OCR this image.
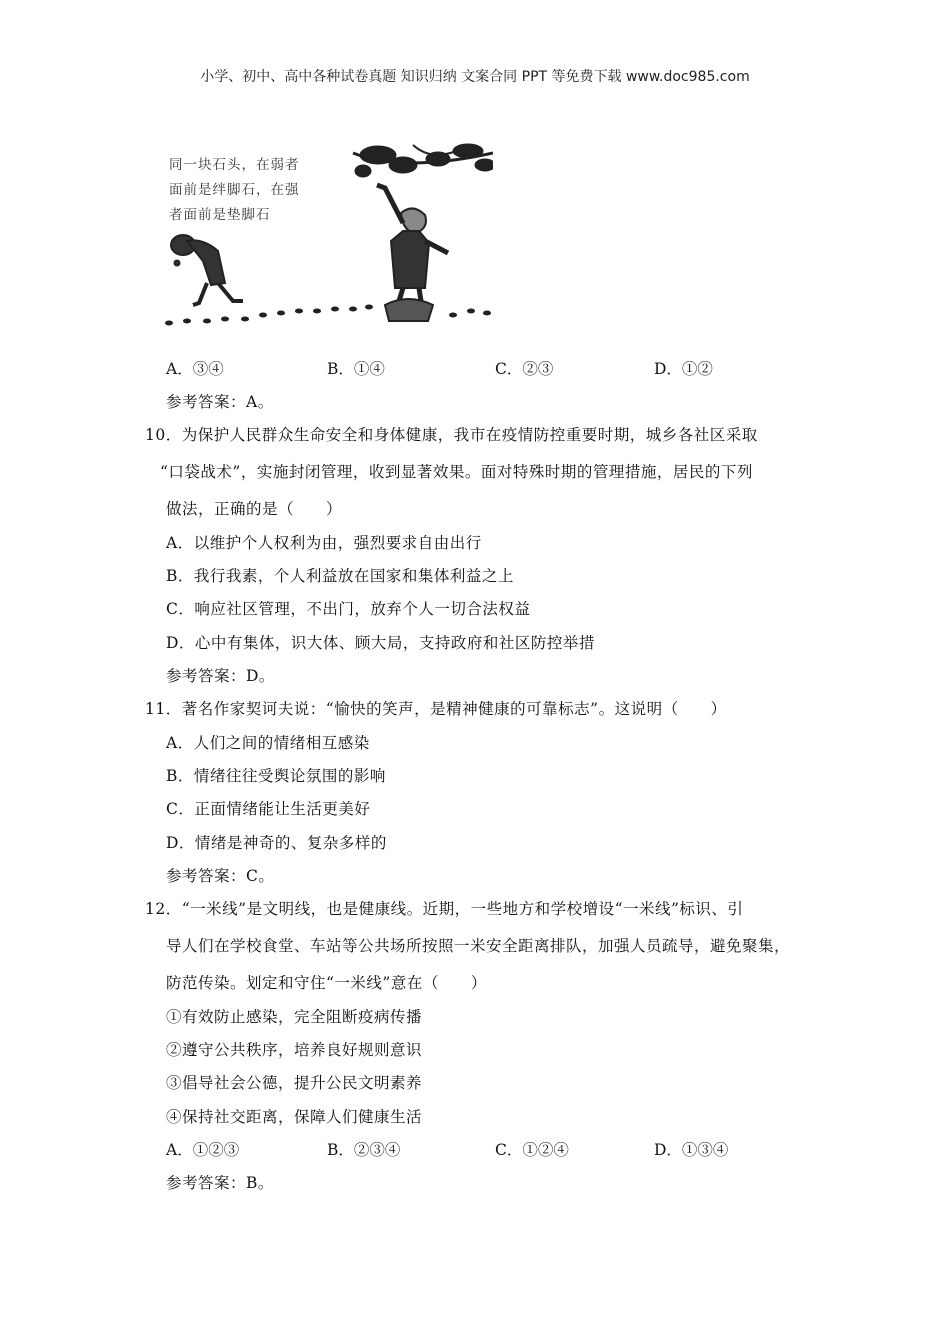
小学、初中、高中各种试卷真题 知识归纳 文案合同 PPT 等免费下载 www.doc985.com
同一块石头，在弱者
面前是绊脚石，在强
者面前是垫脚石
A．③④	B．①④	C．②③	D．①②
参考答案：A。
10．为保护人民群众生命安全和身体健康，我市在疫情防控重要时期，城乡各社区采取
“口袋战术”，实施封闭管理，收到显著效果。面对特殊时期的管理措施，居民的下列
做法，正确的是（　　）
A．以维护个人权利为由，强烈要求自由出行
B．我行我素，个人利益放在国家和集体利益之上
C．响应社区管理，不出门，放弃个人一切合法权益
D．心中有集体，识大体、顾大局，支持政府和社区防控举措
参考答案：D。
11．著名作家契诃夫说：“愉快的笑声，是精神健康的可靠标志”。这说明（　　）
A．人们之间的情绪相互感染
B．情绪往往受舆论氛围的影响
C．正面情绪能让生活更美好
D．情绪是神奇的、复杂多样的
参考答案：C。
12．“一米线”是文明线，也是健康线。近期，一些地方和学校增设“一米线”标识、引
导人们在学校食堂、车站等公共场所按照一米安全距离排队，加强人员疏导，避免聚集，
防范传染。划定和守住“一米线”意在（　　）
①有效防止感染，完全阻断疫病传播
②遵守公共秩序，培养良好规则意识
③倡导社会公德，提升公民文明素养
④保持社交距离，保障人们健康生活
A．①②③	B．②③④	C．①②④	D．①③④
参考答案：B。
